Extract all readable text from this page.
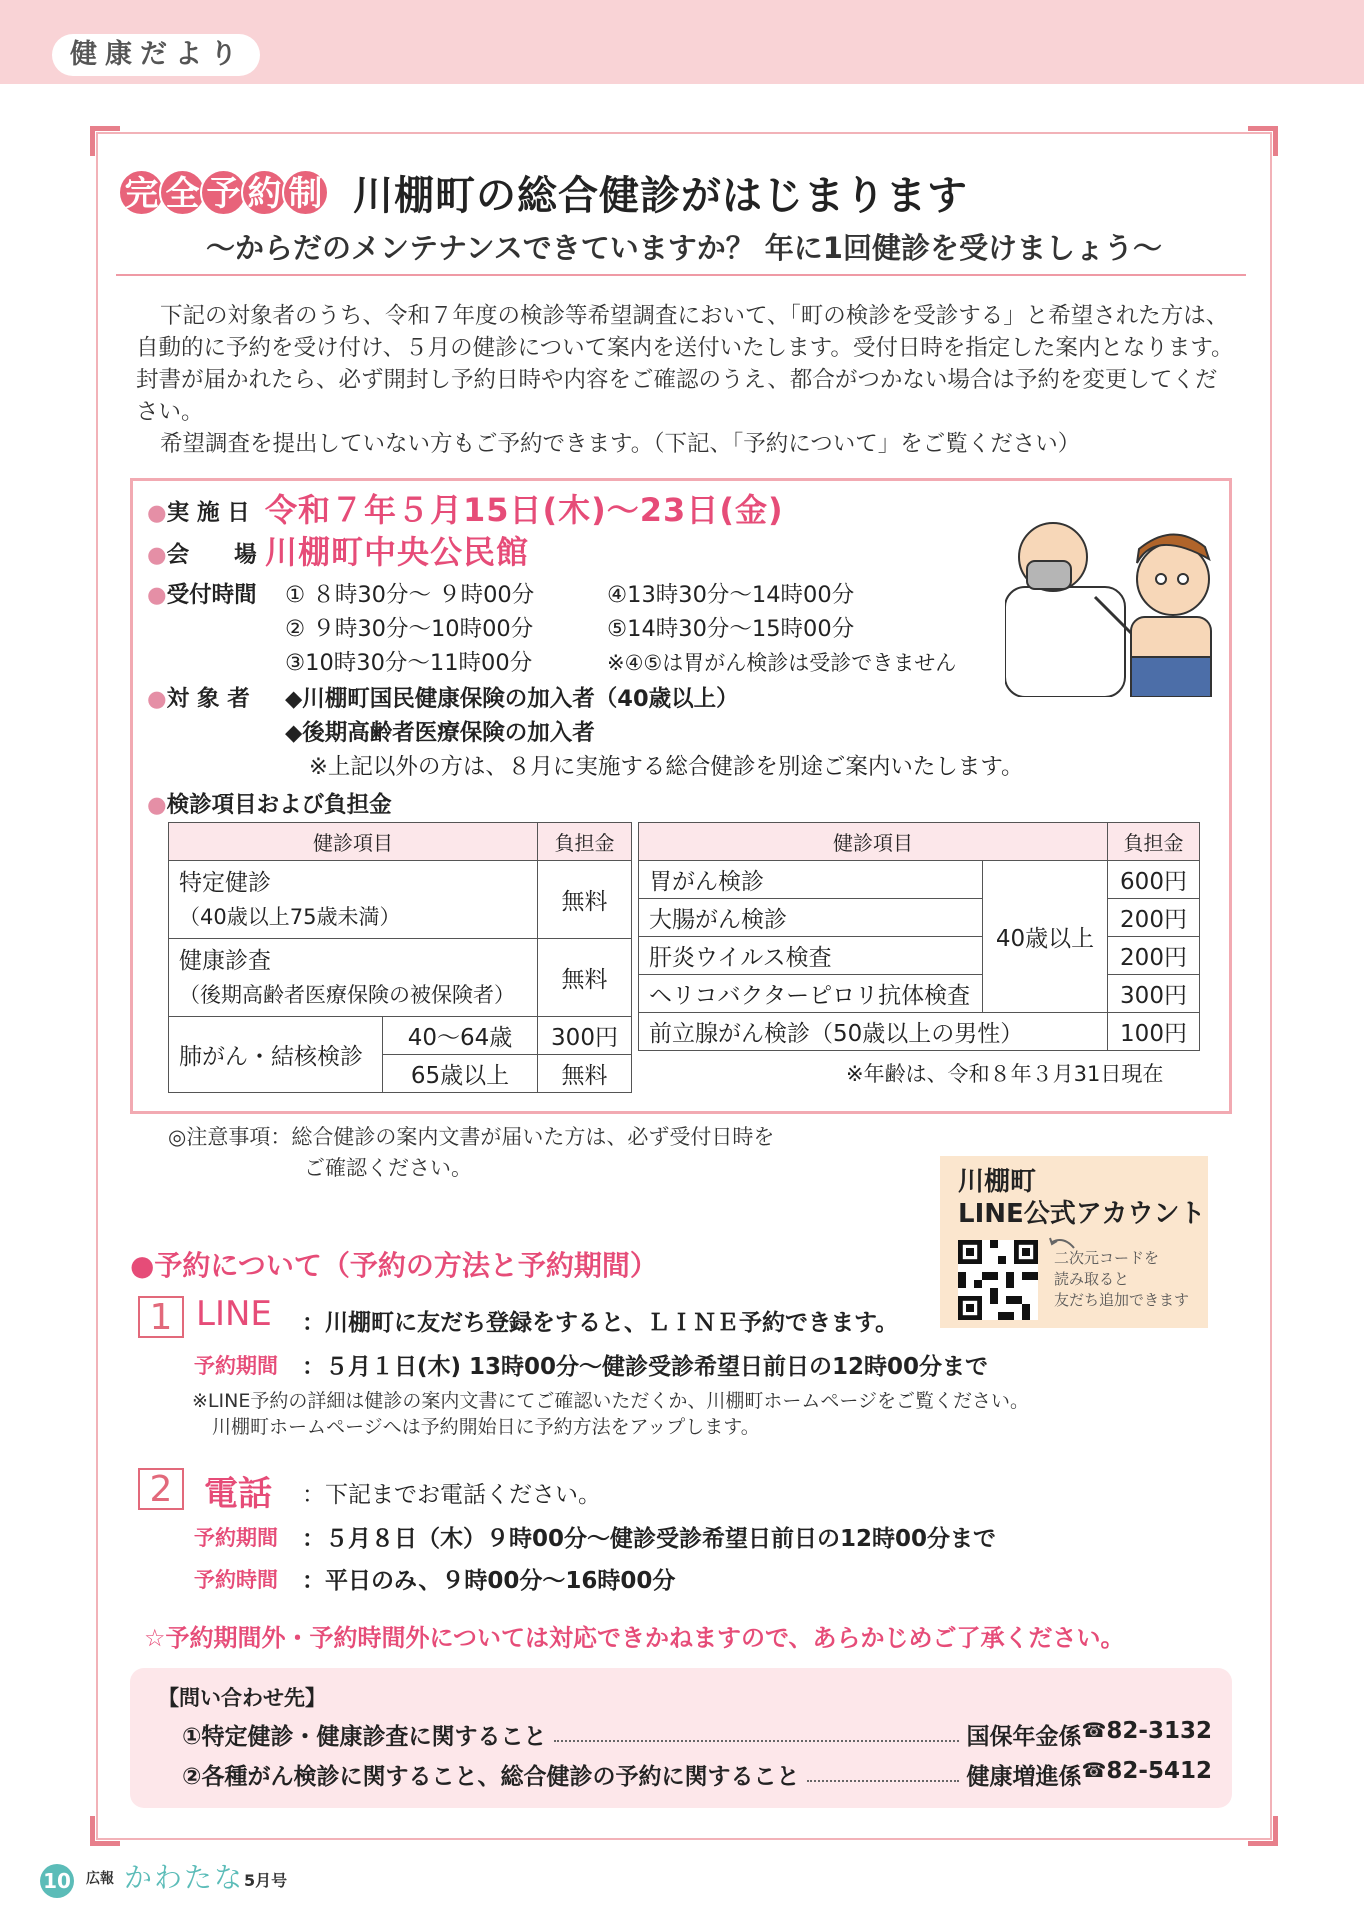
健康だより
完 全 予 約 制 川棚町の総合健診がはじまります
〜からだのメンテナンスできていますか？ 年に1回健診を受けましょう〜

下記の対象者のうち、令和７年度の検診等希望調査において、「町の検診を受診する」と希望された方は、自動的に予約を受け付け、５月の健診について案内を送付いたします。受付日時を指定した案内となります。封書が届かれたら、必ず開封し予約日時や内容をご確認のうえ、都合がつかない場合は予約を変更してください。

希望調査を提出していない方もご予約できます。（下記、「予約について」をご覧ください）

●実 施 日 令和７年５月15日(木)〜23日(金)
●会　　場 川棚町中央公民館
●受付時間 ① ８時30分〜 ９時00分
② ９時30分〜10時00分
③10時30分〜11時00分
④13時30分〜14時00分
⑤14時30分〜15時00分
※④⑤は胃がん検診は受診できません
●対 象 者 ◆川棚町国民健康保険の加入者（40歳以上）
◆後期高齢者医療保険の加入者
※上記以外の方は、８月に実施する総合健診を別途ご案内いたします。
●検診項目および負担金
健診項目		負担金

特定健診
（40歳以上75歳未満）		無料

健康診査
（後期高齢者医療保険の被保険者）		無料
肺がん・結核検診	40〜64歳	300円
	65歳以上	無料
健診項目		負担金
胃がん検診	40歳以上	600円
大腸がん検診		200円
肝炎ウイルス検査		200円
ヘリコバクターピロリ抗体検査		300円
前立腺がん検診（50歳以上の男性）		100円
※年齢は、令和８年３月31日現在
◎注意事項：総合健診の案内文書が届いた方は、必ず受付日時を
ご確認ください。	川棚町
LINE公式アカウント
二次元コードを
読み取ると
友だち追加できます
●予約について（予約の方法と予約期間）
1 LINE ：川棚町に友だち登録をすると、ＬＩＮＥ予約できます。
予約期間 ：５月１日(木) 13時00分〜健診受診希望日前日の12時00分まで
※LINE予約の詳細は健診の案内文書にてご確認いただくか、川棚町ホームページをご覧ください。
川棚町ホームページへは予約開始日に予約方法をアップします。
2 電話 ：下記までお電話ください。
予約期間 ：５月８日（木）９時00分〜健診受診希望日前日の12時00分まで
予約時間 ：平日のみ、９時00分〜16時00分
☆予約期間外・予約時間外については対応できかねますので、あらかじめご了承ください。
【問い合わせ先】
①特定健診・健康診査に関すること	国保年金係 ☎ 82-3132
②各種がん検診に関すること、総合健診の予約に関すること	健康増進係 ☎ 82-5412
10 広報 かわたな 5月号
